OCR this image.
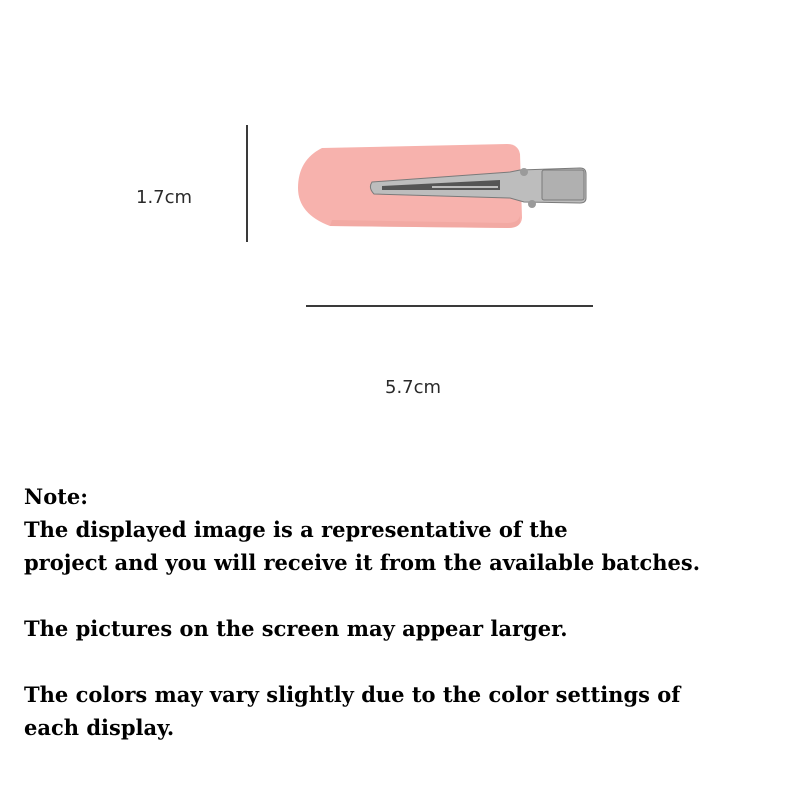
1.7cm
5.7cm

Note:

The displayed image is a representative of the

project and you will receive it from the available batches.

The pictures on the screen may appear larger.

The colors may vary slightly due to the color settings of

each display.
